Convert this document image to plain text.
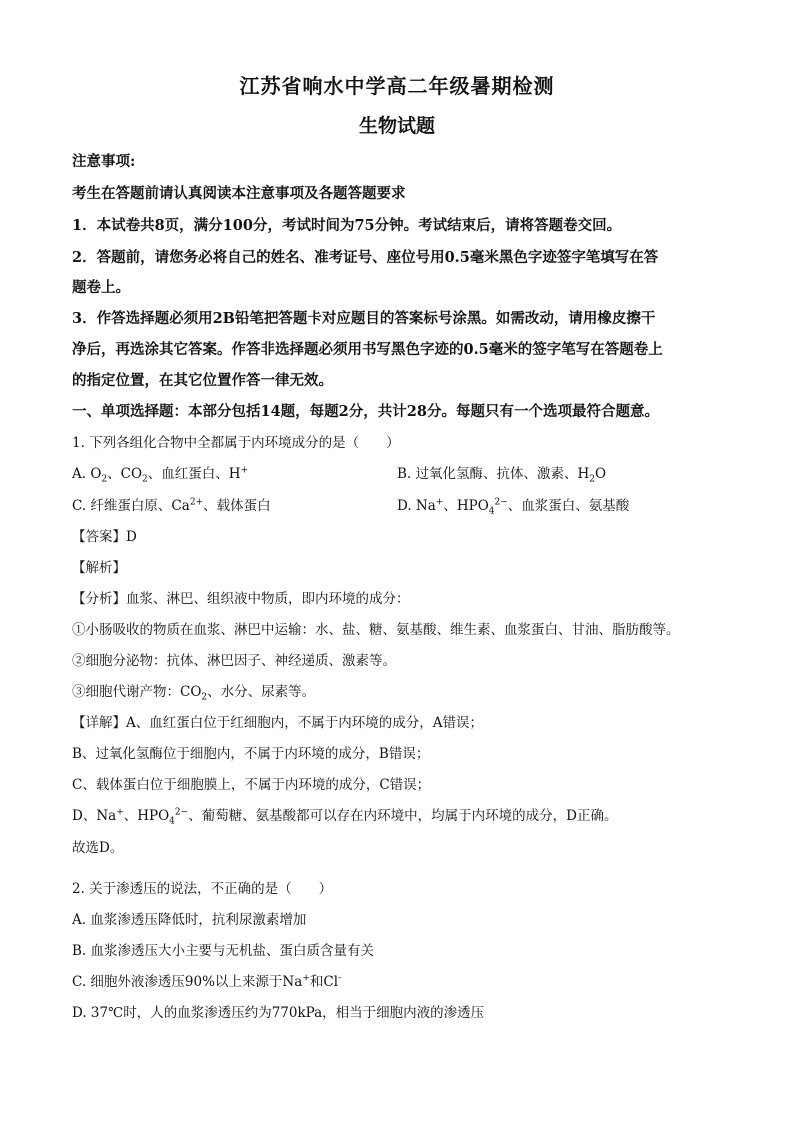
江苏省响水中学高二年级暑期检测
生物试题
注意事项:
考生在答题前请认真阅读本注意事项及各题答题要求
1．本试卷共8页，满分100分，考试时间为75分钟。考试结束后，请将答题卷交回。
2．答题前，请您务必将自己的姓名、准考证号、座位号用0.5毫米黑色字迹签字笔填写在答
题卷上。
3．作答选择题必须用2B铅笔把答题卡对应题目的答案标号涂黑。如需改动，请用橡皮擦干
净后，再选涂其它答案。作答非选择题必须用书写黑色字迹的0.5毫米的签字笔写在答题卷上
的指定位置，在其它位置作答一律无效。
一、单项选择题：本部分包括14题，每题2分，共计28分。每题只有一个选项最符合题意。
1. 下列各组化合物中全都属于内环境成分的是（　　）
A. $O_2$、$CO_2$、血红蛋白、H+	B. 过氧化氢酶、抗体、激素、$H_2O$
C. 纤维蛋白原、$Ca^{2+}$、载体蛋白	D. Na+、$HPO_4^{2-}$、血浆蛋白、氨基酸
【答案】D
【解析】
【分析】血浆、淋巴、组织液中物质，即内环境的成分：
①小肠吸收的物质在血浆、淋巴中运输：水、盐、糖、氨基酸、维生素、血浆蛋白、甘油、脂肪酸等。
②细胞分泌物：抗体、淋巴因子、神经递质、激素等。
③细胞代谢产物：$CO_2$、水分、尿素等。
【详解】A、血红蛋白位于红细胞内，不属于内环境的成分，A错误；
B、过氧化氢酶位于细胞内，不属于内环境的成分，B错误；
C、载体蛋白位于细胞膜上，不属于内环境的成分，C错误；
D、Na+、$HPO_4^{2-}$、葡萄糖、氨基酸都可以存在内环境中，均属于内环境的成分，D正确。
故选D。
2. 关于渗透压的说法，不正确的是（　　）
A. 血浆渗透压降低时，抗利尿激素增加
B. 血浆渗透压大小主要与无机盐、蛋白质含量有关
C. 细胞外液渗透压90%以上来源于Na+和Cl-
D. 37℃时，人的血浆渗透压约为770kPa，相当于细胞内液的渗透压
